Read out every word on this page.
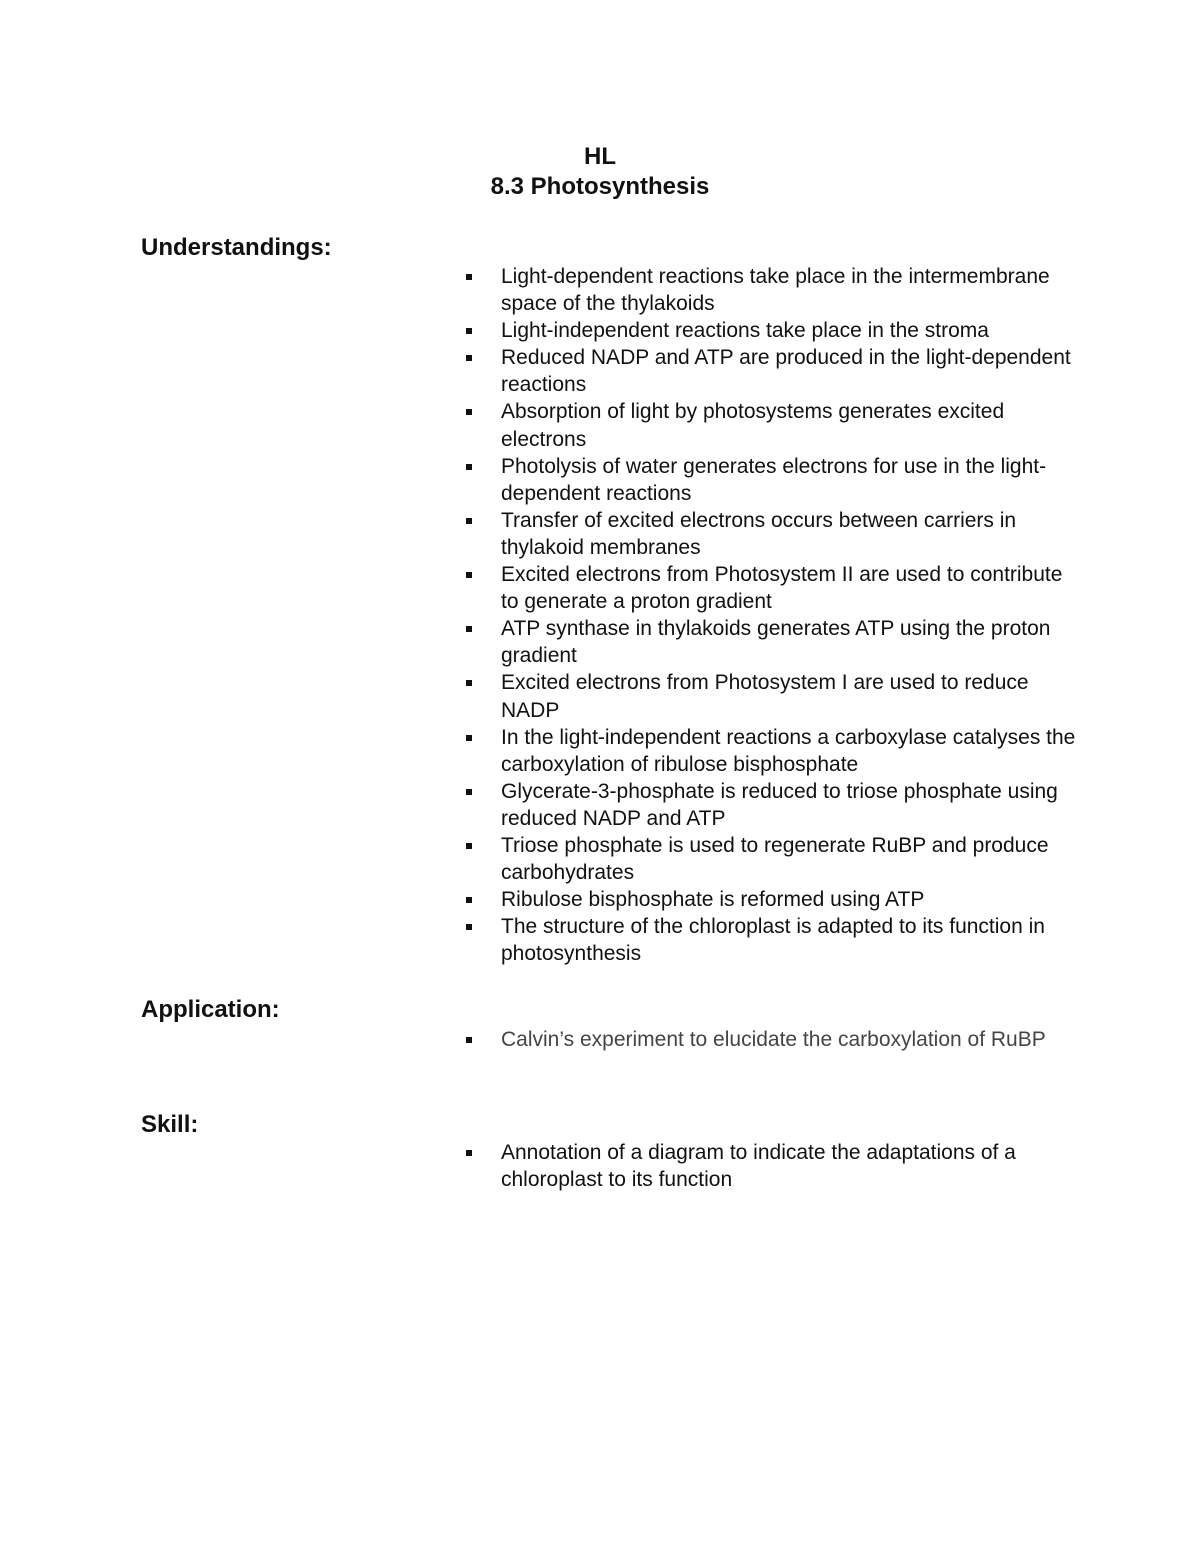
HL
8.3 Photosynthesis
Understandings:
Light-dependent reactions take place in the intermembrane space of the thylakoids
Light-independent reactions take place in the stroma
Reduced NADP and ATP are produced in the light-dependent reactions
Absorption of light by photosystems generates excited electrons
Photolysis of water generates electrons for use in the light-dependent reactions
Transfer of excited electrons occurs between carriers in thylakoid membranes
Excited electrons from Photosystem II are used to contribute to generate a proton gradient
ATP synthase in thylakoids generates ATP using the proton gradient
Excited electrons from Photosystem I are used to reduce NADP
In the light-independent reactions a carboxylase catalyses the carboxylation of ribulose bisphosphate
Glycerate-3-phosphate is reduced to triose phosphate using reduced NADP and ATP
Triose phosphate is used to regenerate RuBP and produce carbohydrates
Ribulose bisphosphate is reformed using ATP
The structure of the chloroplast is adapted to its function in photosynthesis
Application:
Calvin’s experiment to elucidate the carboxylation of RuBP
Skill:
Annotation of a diagram to indicate the adaptations of a chloroplast to its function
